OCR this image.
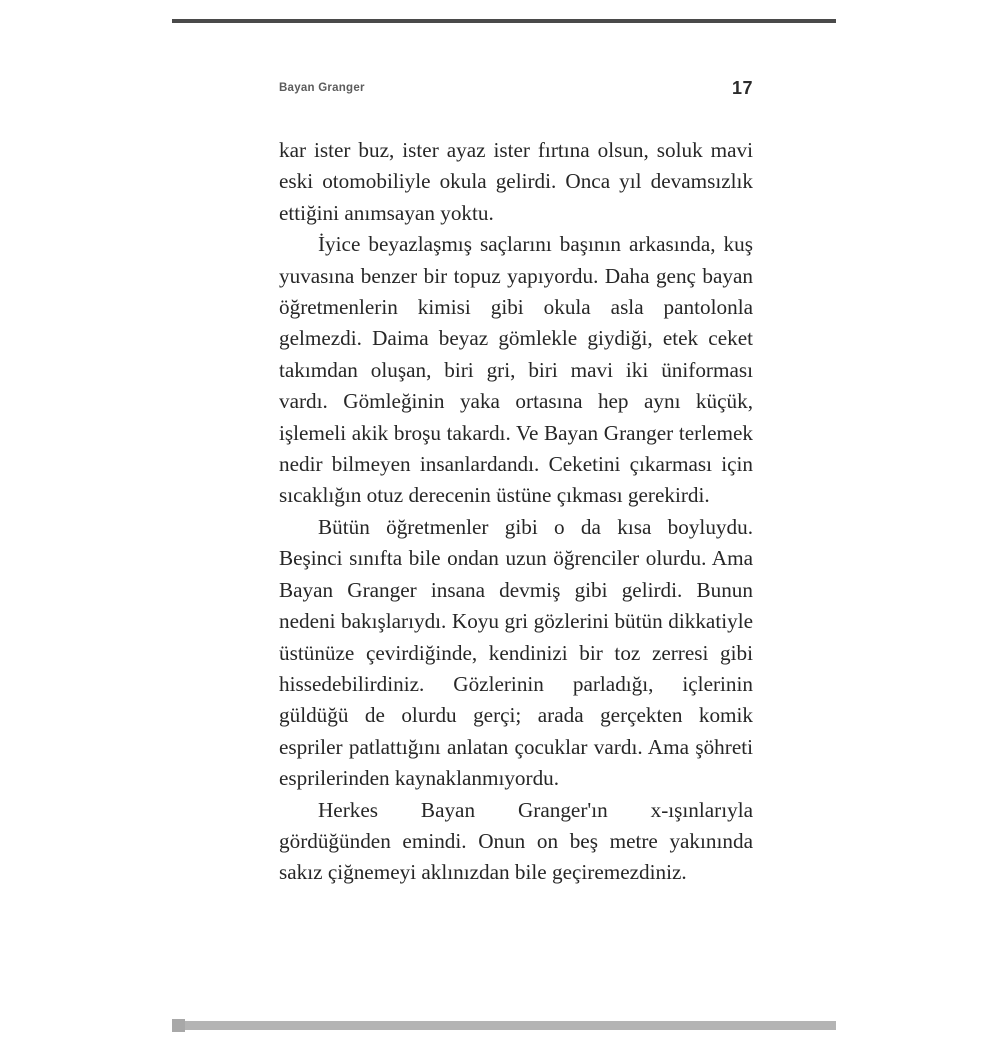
Bayan Granger	17

kar ister buz, ister ayaz ister fırtına olsun, soluk mavi eski otomobiliyle okula gelirdi. Onca yıl devamsızlık ettiğini anımsayan yoktu.

İyice beyazlaşmış saçlarını başının arkasında, kuş yuvasına benzer bir topuz yapıyordu. Daha genç bayan öğretmenlerin kimisi gibi okula asla pantolonla gelmezdi. Daima beyaz gömlekle giydiği, etek ceket takımdan oluşan, biri gri, biri mavi iki üniforması vardı. Gömleğinin yaka ortasına hep aynı küçük, işlemeli akik broşu takardı. Ve Bayan Granger terlemek nedir bilmeyen insanlardandı. Ceketini çıkarması için sıcaklığın otuz derecenin üstüne çıkması gerekirdi.

Bütün öğretmenler gibi o da kısa boyluydu. Beşinci sınıfta bile ondan uzun öğrenciler olurdu. Ama Bayan Granger insana devmiş gibi gelirdi. Bunun nedeni bakışlarıydı. Koyu gri gözlerini bütün dikkatiyle üstünüze çevirdiğinde, kendinizi bir toz zerresi gibi hissedebilirdiniz. Gözlerinin parladığı, içlerinin güldüğü de olurdu gerçi; arada gerçekten komik espriler patlattığını anlatan çocuklar vardı. Ama şöhreti esprilerinden kaynaklanmıyordu.

Herkes Bayan Granger'ın x-ışınlarıyla gördüğünden emindi. Onun on beş metre yakınında sakız çiğnemeyi aklınızdan bile geçiremezdiniz.
